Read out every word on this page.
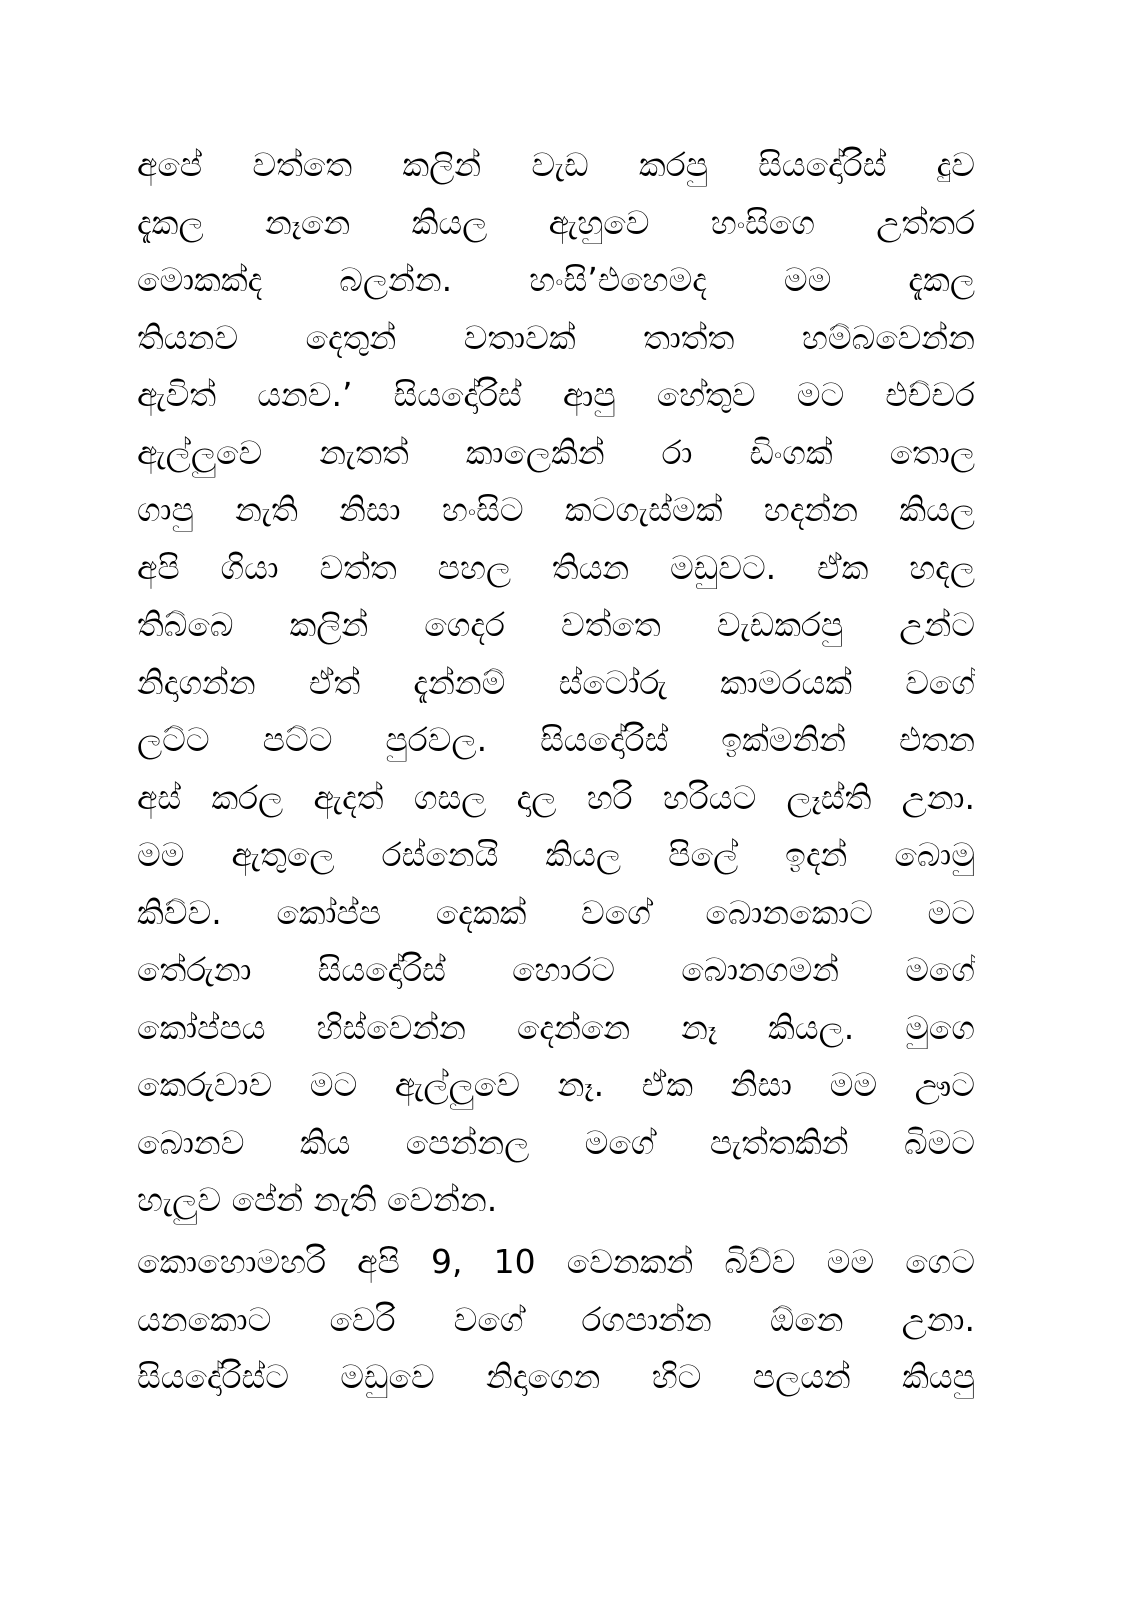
අපේ වත්තෙ කලින් වැඩ කරපු සියදෝරිස් දුව
දැකල නෑනෙ කියල ඇහුවෙ හංසිගෙ උත්තර
මොකක්ද බලන්න. හංසි’එහෙමද මම දැකල
තියනව දෙතුන් වතාවක් තාත්ත හම්බවෙන්න
ඇවිත් යනව.’ සියදෝරිස් ආපු හේතුව මට එච්චර
ඇල්ලුවෙ නැතත් කාලෙකින් රා ඩිංගක් තොල
ගාපු නැති නිසා හංසිට කටගැස්මක් හදන්න කියල
අපි ගියා වත්ත පහල තියන මඩුවට. ඒක හදල
තිබ්බෙ කලින් ගෙදර වත්තෙ වැඩකරපු උන්ට
නිදාගන්න ඒත් දැන්නම් ස්ටෝරු කාමරයක් වගේ
ලට්ට පට්ට පුරවල. සියදෝරිස් ඉක්මනින් එතන
අස් කරල ඇදත් ගසල දාල හරි හරියට ලෑස්ති උනා.
මම ඇතුලෙ රස්නෙයි කියල පිලේ ඉදන් බොමු
කිව්ව. කෝප්ප දෙකක් වගේ බොනකොට මට
තේරුනා සියදෝරිස් හොරට බොනගමන් මගේ
කෝප්පය හිස්වෙන්න දෙන්නෙ නෑ කියල. මුගෙ
කෙරුවාව මට ඇල්ලුවෙ නෑ. ඒක නිසා මම ඌට
බොනව කිය පෙන්නල මගේ පැත්තකින් බිමට
හැලුව පේන් නැති වෙන්න.
කොහොමහරි අපි 9, 10 වෙනකන් බිව්ව මම ගෙට
යනකොට වෙරි වගේ රගපාන්න ඕනෙ උනා.
සියදෝරිස්ට මඩුවෙ නිදාගෙන හිට පලයන් කියපු
